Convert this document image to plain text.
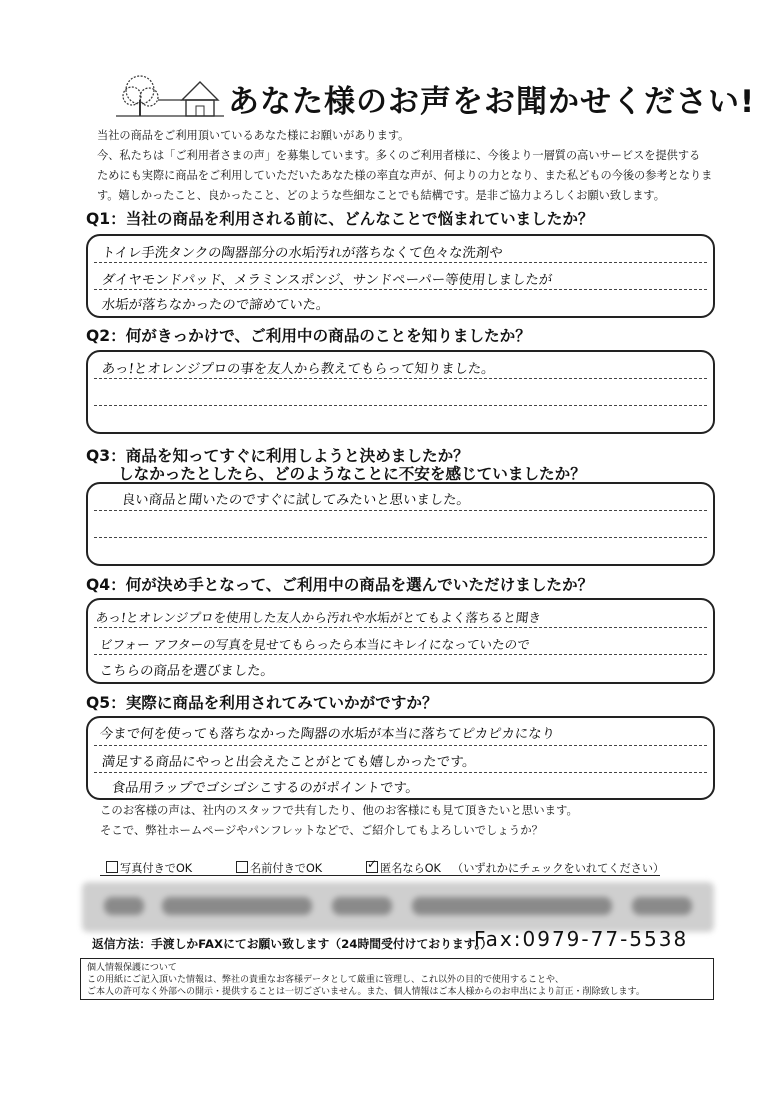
あなた様のお声をお聞かせください!
当社の商品をご利用頂いているあなた様にお願いがあります。
今、私たちは「ご利用者さまの声」を募集しています。多くのご利用者様に、今後より一層質の高いサービスを提供する
ためにも実際に商品をご利用していただいたあなた様の率直な声が、何よりの力となり、また私どもの今後の参考となりま
す。嬉しかったこと、良かったこと、どのような些細なことでも結構です。是非ご協力よろしくお願い致します。
Q1：当社の商品を利用される前に、どんなことで悩まれていましたか？
トイレ手洗タンクの陶器部分の水垢汚れが落ちなくて色々な洗剤や
ダイヤモンドパッド、メラミンスポンジ、サンドペーパー等使用しましたが
水垢が落ちなかったので諦めていた。
Q2：何がきっかけで、ご利用中の商品のことを知りましたか？
あっ!とオレンジプロの事を友人から教えてもらって知りました。
Q3：商品を知ってすぐに利用しようと決めましたか？
しなかったとしたら、どのようなことに不安を感じていましたか？
良い商品と聞いたのですぐに試してみたいと思いました。
Q4：何が決め手となって、ご利用中の商品を選んでいただけましたか？
あっ!とオレンジプロを使用した友人から汚れや水垢がとてもよく落ちると聞き
ビフォー アフターの写真を見せてもらったら本当にキレイになっていたので
こちらの商品を選びました。
Q5：実際に商品を利用されてみていかがですか？
今まで何を使っても落ちなかった陶器の水垢が本当に落ちてピカピカになり
満足する商品にやっと出会えたことがとても嬉しかったです。
食品用ラップでゴシゴシこするのがポイントです。
このお客様の声は、社内のスタッフで共有したり、他のお客様にも見て頂きたいと思います。
そこで、弊社ホームページやパンフレットなどで、ご紹介してもよろしいでしょうか？
写真付きでOK	名前付きでOK
✓	匿名ならOK （いずれかにチェックをいれてください）
返信方法：手渡しかFAXにてお願い致します（24時間受付けております。）
Fax:0979-77-5538
個人情報保護について
この用紙にご記入頂いた情報は、弊社の貴重なお客様データとして厳重に管理し、これ以外の目的で使用することや、
ご本人の許可なく外部への開示・提供することは一切ございません。また、個人情報はご本人様からのお申出により訂正・削除致します。
